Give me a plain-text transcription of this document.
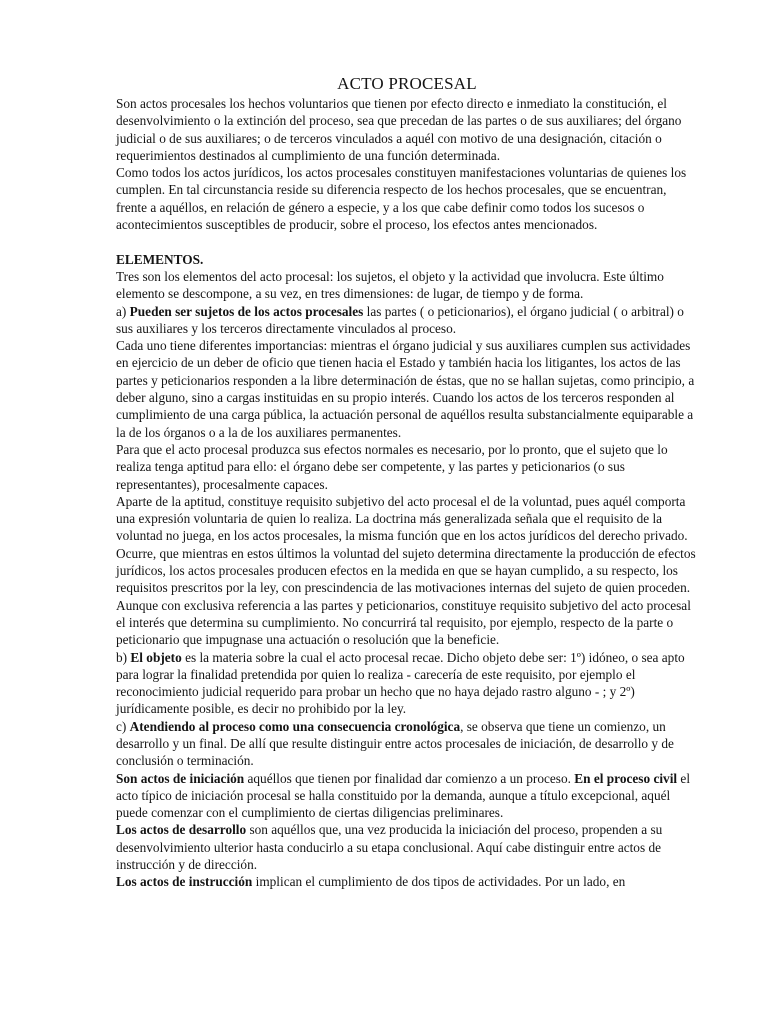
ACTO PROCESAL

Son actos procesales los hechos voluntarios que tienen por efecto directo e inmediato la constitución, el desenvolvimiento o la extinción del proceso, sea que precedan de las partes o de sus auxiliares; del órgano judicial o de sus auxiliares; o de terceros vinculados a aquél con motivo de una designación, citación o requerimientos destinados al cumplimiento de una función determinada.

Como todos los actos jurídicos, los actos procesales constituyen manifestaciones voluntarias de quienes los cumplen. En tal circunstancia reside su diferencia respecto de los hechos procesales, que se encuentran, frente a aquéllos, en relación de género a especie, y a los que cabe definir como todos los sucesos o acontecimientos susceptibles de producir, sobre el proceso, los efectos antes mencionados.

ELEMENTOS.

Tres son los elementos del acto procesal: los sujetos, el objeto y la actividad que involucra. Este último elemento se descompone, a su vez, en tres dimensiones: de lugar, de tiempo y de forma.

a) Pueden ser sujetos de los actos procesales las partes ( o peticionarios), el órgano judicial ( o arbitral) o sus auxiliares y los terceros directamente vinculados al proceso.

Cada uno tiene diferentes importancias: mientras el órgano judicial y sus auxiliares cumplen sus actividades en ejercicio de un deber de oficio que tienen hacia el Estado y también hacia los litigantes, los actos de las partes y peticionarios responden a la libre determinación de éstas, que no se hallan sujetas, como principio, a deber alguno, sino a cargas instituidas en su propio interés. Cuando los actos de los terceros responden al cumplimiento de una carga pública, la actuación personal de aquéllos resulta substancialmente equiparable a la de los órganos o a la de los auxiliares permanentes.

Para que el acto procesal produzca sus efectos normales es necesario, por lo pronto, que el sujeto que lo realiza tenga aptitud para ello: el órgano debe ser competente, y las partes y peticionarios (o sus representantes), procesalmente capaces.

Aparte de la aptitud, constituye requisito subjetivo del acto procesal el de la voluntad, pues aquél comporta una expresión voluntaria de quien lo realiza. La doctrina más generalizada señala que el requisito de la voluntad no juega, en los actos procesales, la misma función que en los actos jurídicos del derecho privado. Ocurre, que mientras en estos últimos la voluntad del sujeto determina directamente la producción de efectos jurídicos, los actos procesales producen efectos en la medida en que se hayan cumplido, a su respecto, los requisitos prescritos por la ley, con prescindencia de las motivaciones internas del sujeto de quien proceden.

Aunque con exclusiva referencia a las partes y peticionarios, constituye requisito subjetivo del acto procesal el interés que determina su cumplimiento. No concurrirá tal requisito, por ejemplo, respecto de la parte o peticionario que impugnase una actuación o resolución que la beneficie.

b) El objeto es la materia sobre la cual el acto procesal recae. Dicho objeto debe ser: 1º) idóneo, o sea apto para lograr la finalidad pretendida por quien lo realiza - carecería de este requisito, por ejemplo el reconocimiento judicial requerido para probar un hecho que no haya dejado rastro alguno - ; y 2º) jurídicamente posible, es decir no prohibido por la ley.

c) Atendiendo al proceso como una consecuencia cronológica, se observa que tiene un comienzo, un desarrollo y un final. De allí que resulte distinguir entre actos procesales de iniciación, de desarrollo y de conclusión o terminación.

Son actos de iniciación aquéllos que tienen por finalidad dar comienzo a un proceso. En el proceso civil el acto típico de iniciación procesal se halla constituido por la demanda, aunque a título excepcional, aquél puede comenzar con el cumplimiento de ciertas diligencias preliminares.

Los actos de desarrollo son aquéllos que, una vez producida la iniciación del proceso, propenden a su desenvolvimiento ulterior hasta conducirlo a su etapa conclusional. Aquí cabe distinguir entre actos de instrucción y de dirección.

Los actos de instrucción implican el cumplimiento de dos tipos de actividades. Por un lado, en
